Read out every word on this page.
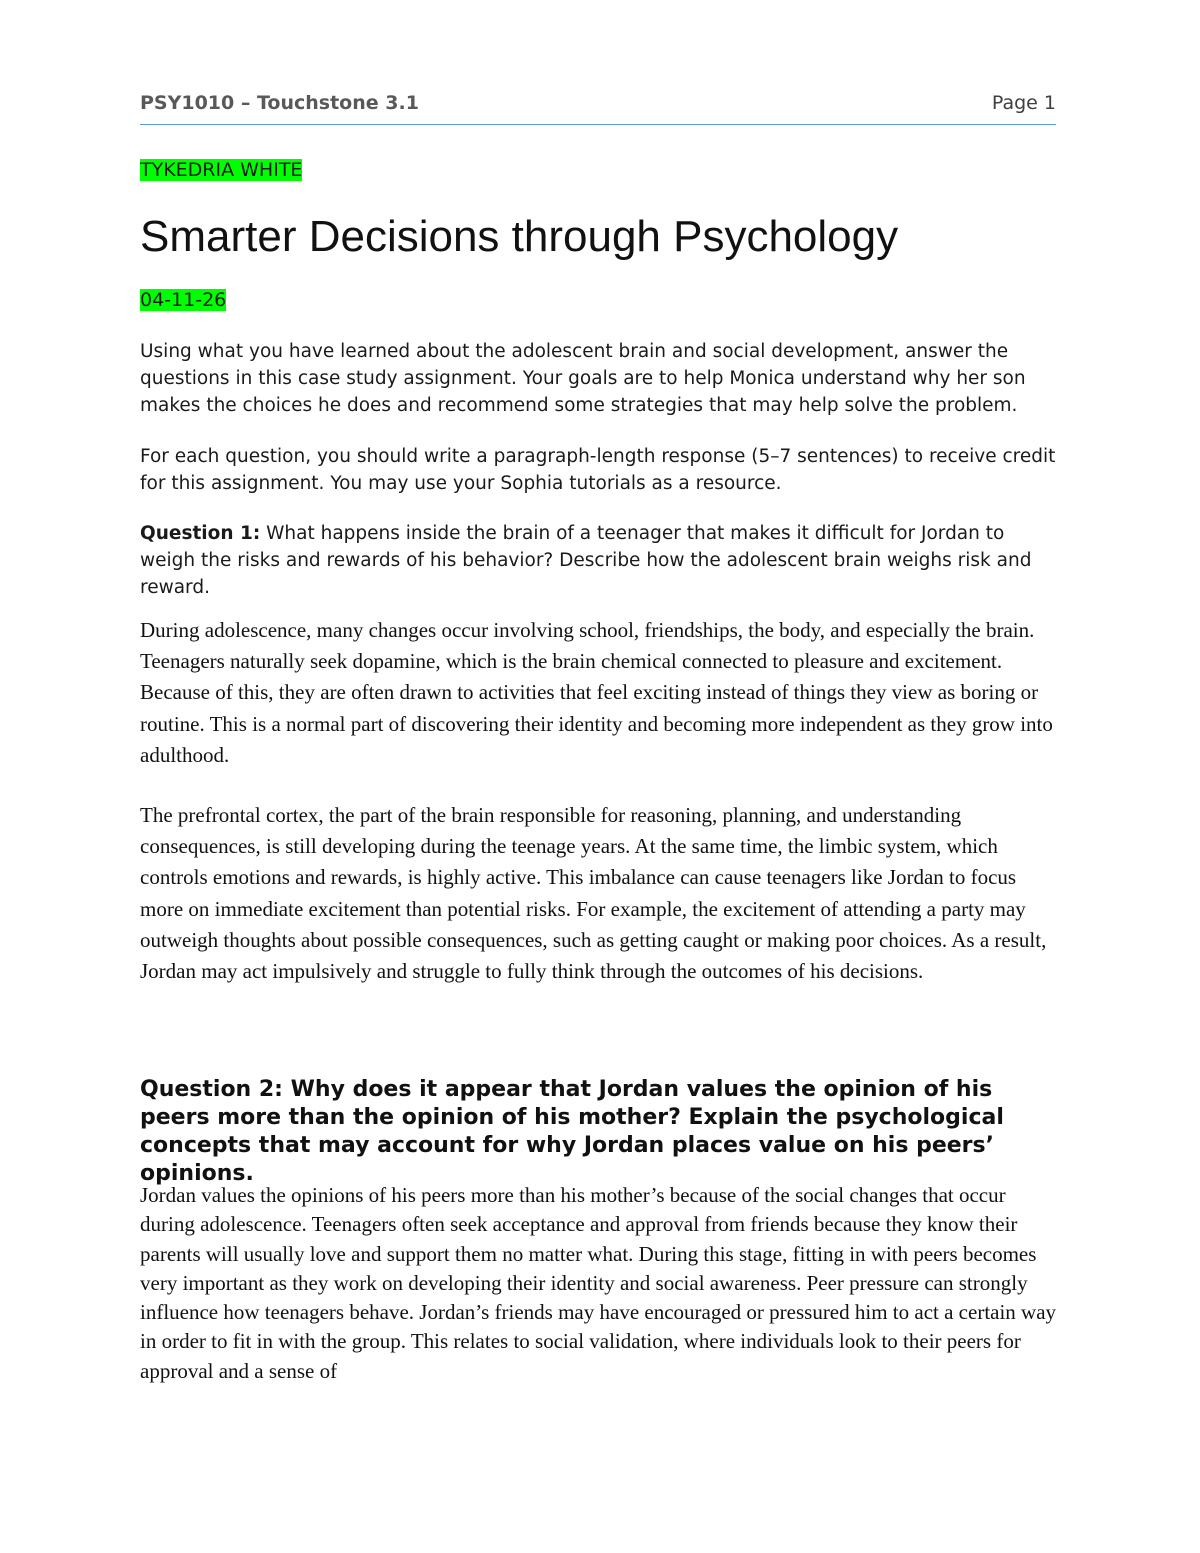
PSY1010 – Touchstone 3.1	Page 1
TYKEDRIA WHITE
Smarter Decisions through Psychology
04-11-26
Using what you have learned about the adolescent brain and social development, answer the questions in this case study assignment. Your goals are to help Monica understand why her son makes the choices he does and recommend some strategies that may help solve the problem.
For each question, you should write a paragraph-length response (5–7 sentences) to receive credit for this assignment. You may use your Sophia tutorials as a resource.
Question 1: What happens inside the brain of a teenager that makes it difficult for Jordan to weigh the risks and rewards of his behavior? Describe how the adolescent brain weighs risk and reward.
During adolescence, many changes occur involving school, friendships, the body, and especially the brain. Teenagers naturally seek dopamine, which is the brain chemical connected to pleasure and excitement. Because of this, they are often drawn to activities that feel exciting instead of things they view as boring or routine. This is a normal part of discovering their identity and becoming more independent as they grow into adulthood.
The prefrontal cortex, the part of the brain responsible for reasoning, planning, and understanding consequences, is still developing during the teenage years. At the same time, the limbic system, which controls emotions and rewards, is highly active. This imbalance can cause teenagers like Jordan to focus more on immediate excitement than potential risks. For example, the excitement of attending a party may outweigh thoughts about possible consequences, such as getting caught or making poor choices. As a result, Jordan may act impulsively and struggle to fully think through the outcomes of his decisions.
Question 2: Why does it appear that Jordan values the opinion of his peers more than the opinion of his mother? Explain the psychological concepts that may account for why Jordan places value on his peers’ opinions.
Jordan values the opinions of his peers more than his mother’s because of the social changes that occur during adolescence. Teenagers often seek acceptance and approval from friends because they know their parents will usually love and support them no matter what. During this stage, fitting in with peers becomes very important as they work on developing their identity and social awareness. Peer pressure can strongly influence how teenagers behave. Jordan’s friends may have encouraged or pressured him to act a certain way in order to fit in with the group. This relates to social validation, where individuals look to their peers for approval and a sense of
